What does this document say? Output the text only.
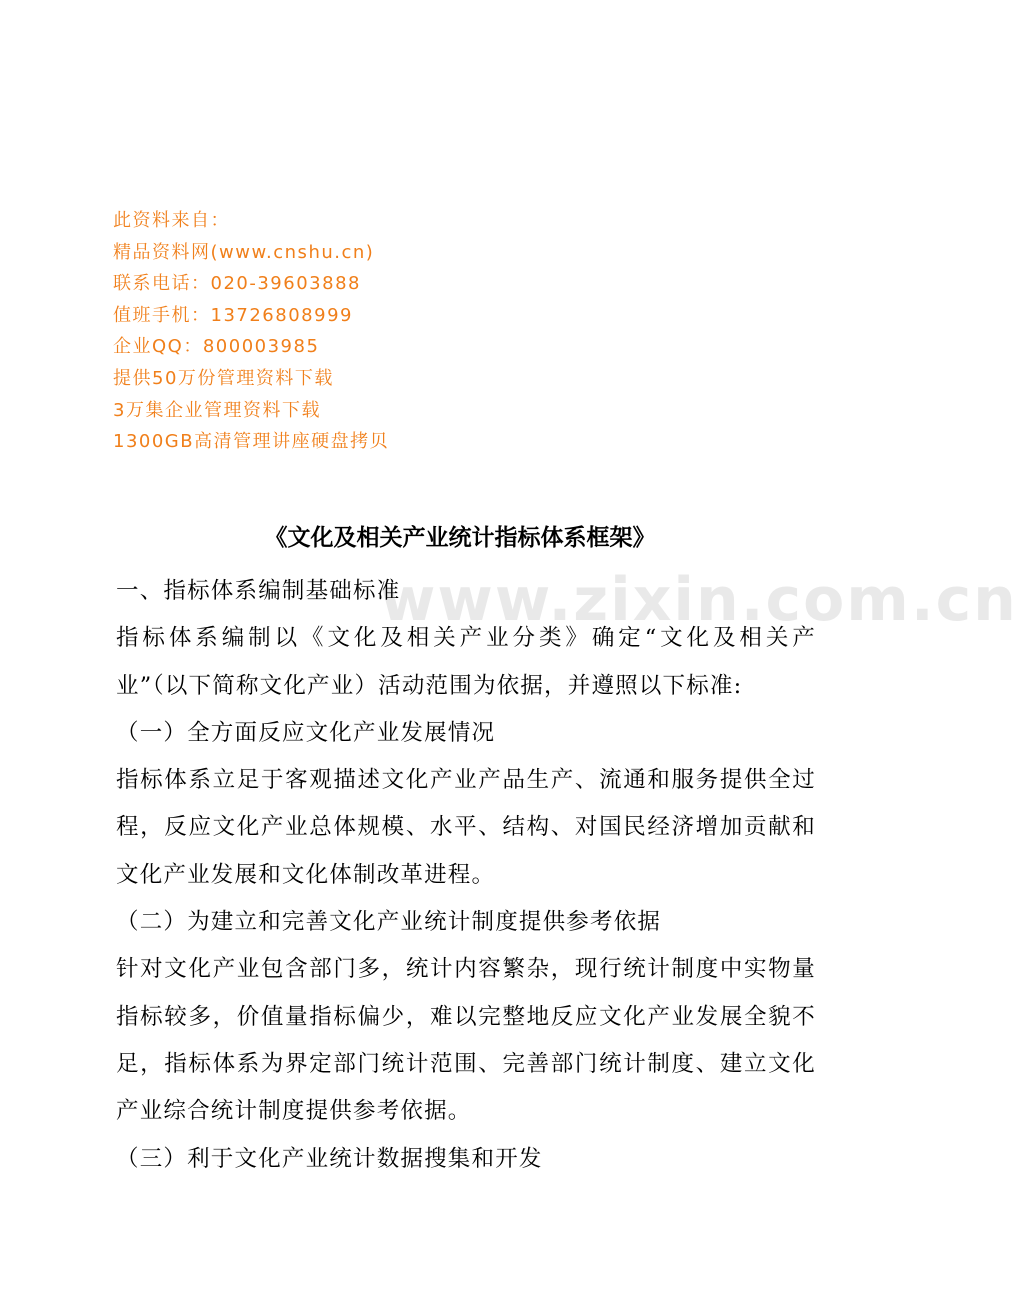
此资料来自：
精品资料网(www.cnshu.cn)
联系电话：020-39603888
值班手机：13726808999
企业QQ：800003985
提供50万份管理资料下载
3万集企业管理资料下载
1300GB高清管理讲座硬盘拷贝
www.zixin.com.cn
《文化及相关产业统计指标体系框架》

一、指标体系编制基础标准

指标体系编制以《文化及相关产业分类》确定“文化及相关产业”（以下简称文化产业）活动范围为依据，并遵照以下标准:

（一）全方面反应文化产业发展情况

指标体系立足于客观描述文化产业产品生产、流通和服务提供全过程，反应文化产业总体规模、水平、结构、对国民经济增加贡献和文化产业发展和文化体制改革进程。

（二）为建立和完善文化产业统计制度提供参考依据

针对文化产业包含部门多，统计内容繁杂，现行统计制度中实物量指标较多，价值量指标偏少，难以完整地反应文化产业发展全貌不足，指标体系为界定部门统计范围、完善部门统计制度、建立文化产业综合统计制度提供参考依据。

（三）利于文化产业统计数据搜集和开发
